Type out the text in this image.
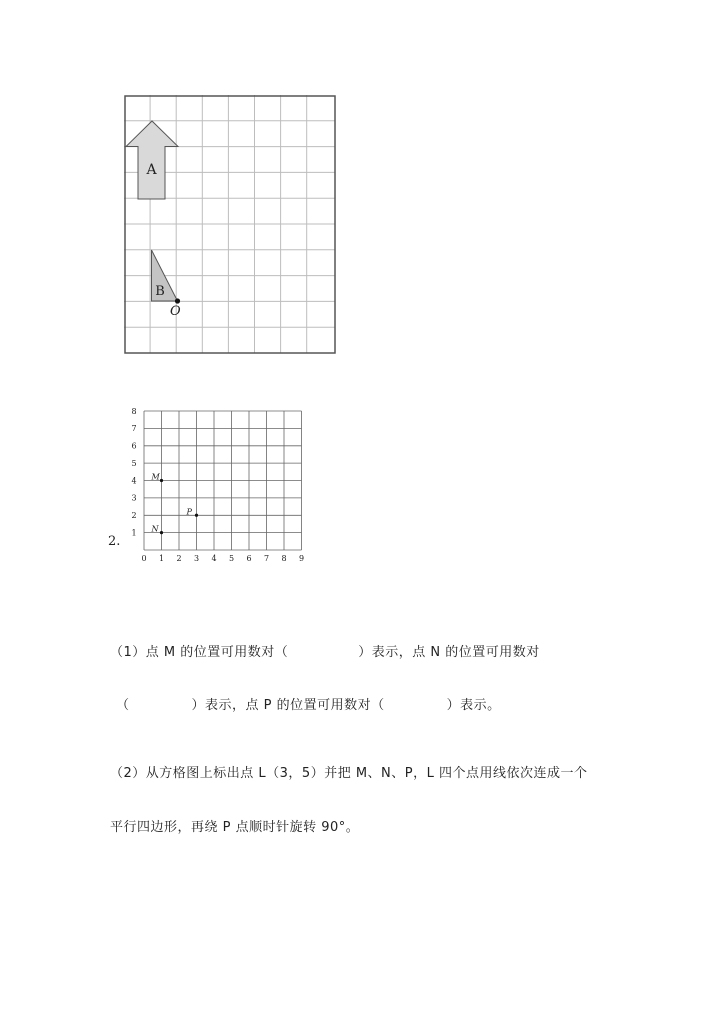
A
B
O
2.
1
2
3
4
5
6
7
8
0 1 2 3 4 5 6 7 8 9
M
P
N
（1）点 M 的位置可用数对（	）表示，点 N 的位置可用数对
（	）表示，点 P 的位置可用数对（	）表示。
（2）从方格图上标出点 L（3，5）并把 M、N、P，L 四个点用线依次连成一个
平行四边形，再绕 P 点顺时针旋转 90°。
